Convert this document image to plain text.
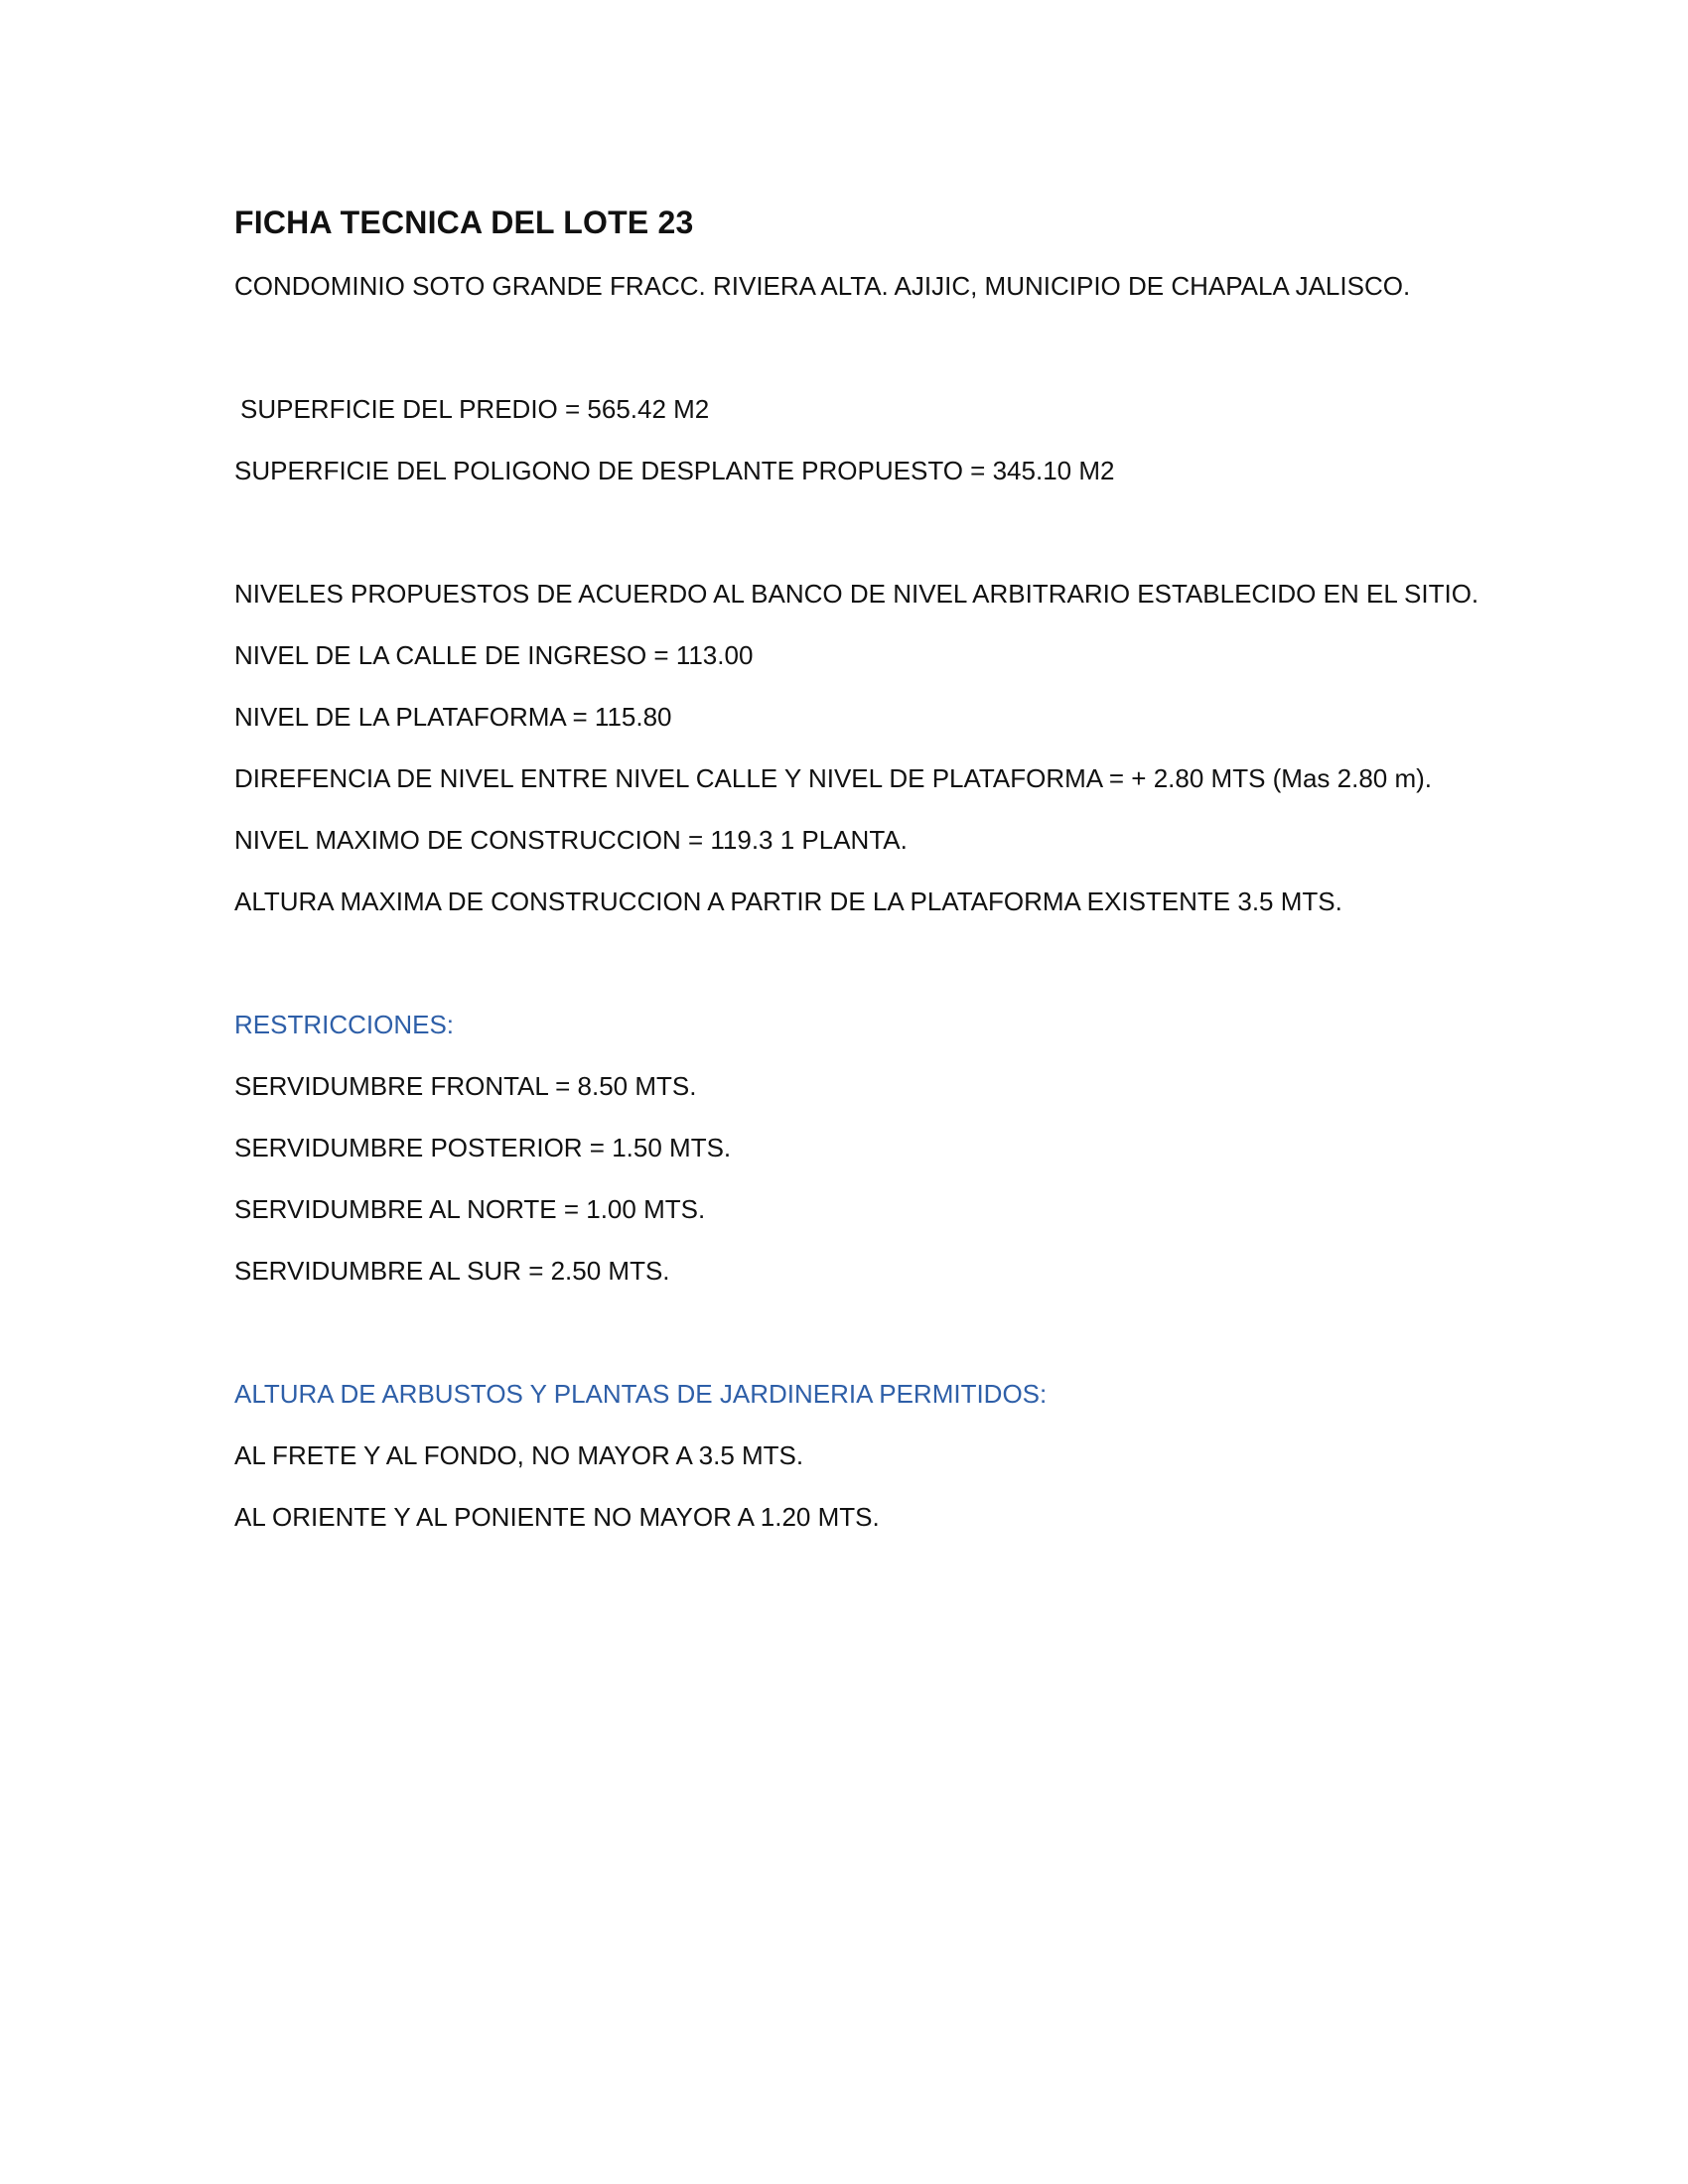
FICHA TECNICA DEL LOTE 23

CONDOMINIO SOTO GRANDE FRACC. RIVIERA ALTA. AJIJIC, MUNICIPIO DE CHAPALA JALISCO.

SUPERFICIE DEL PREDIO = 565.42 M2

SUPERFICIE DEL POLIGONO DE DESPLANTE PROPUESTO = 345.10 M2

NIVELES PROPUESTOS DE ACUERDO AL BANCO DE NIVEL ARBITRARIO ESTABLECIDO EN EL SITIO.

NIVEL DE LA CALLE DE INGRESO = 113.00

NIVEL DE LA PLATAFORMA = 115.80

DIREFENCIA DE NIVEL ENTRE NIVEL CALLE Y NIVEL DE PLATAFORMA = + 2.80 MTS (Mas 2.80 m).

NIVEL MAXIMO DE CONSTRUCCION = 119.3 1 PLANTA.

ALTURA MAXIMA DE CONSTRUCCION A PARTIR DE LA PLATAFORMA EXISTENTE 3.5 MTS.

RESTRICCIONES:

SERVIDUMBRE FRONTAL = 8.50 MTS.

SERVIDUMBRE POSTERIOR = 1.50 MTS.

SERVIDUMBRE AL NORTE = 1.00 MTS.

SERVIDUMBRE AL SUR = 2.50 MTS.

ALTURA DE ARBUSTOS Y PLANTAS DE JARDINERIA PERMITIDOS:

AL FRETE Y AL FONDO, NO MAYOR A 3.5 MTS.

AL ORIENTE Y AL PONIENTE NO MAYOR A 1.20 MTS.
